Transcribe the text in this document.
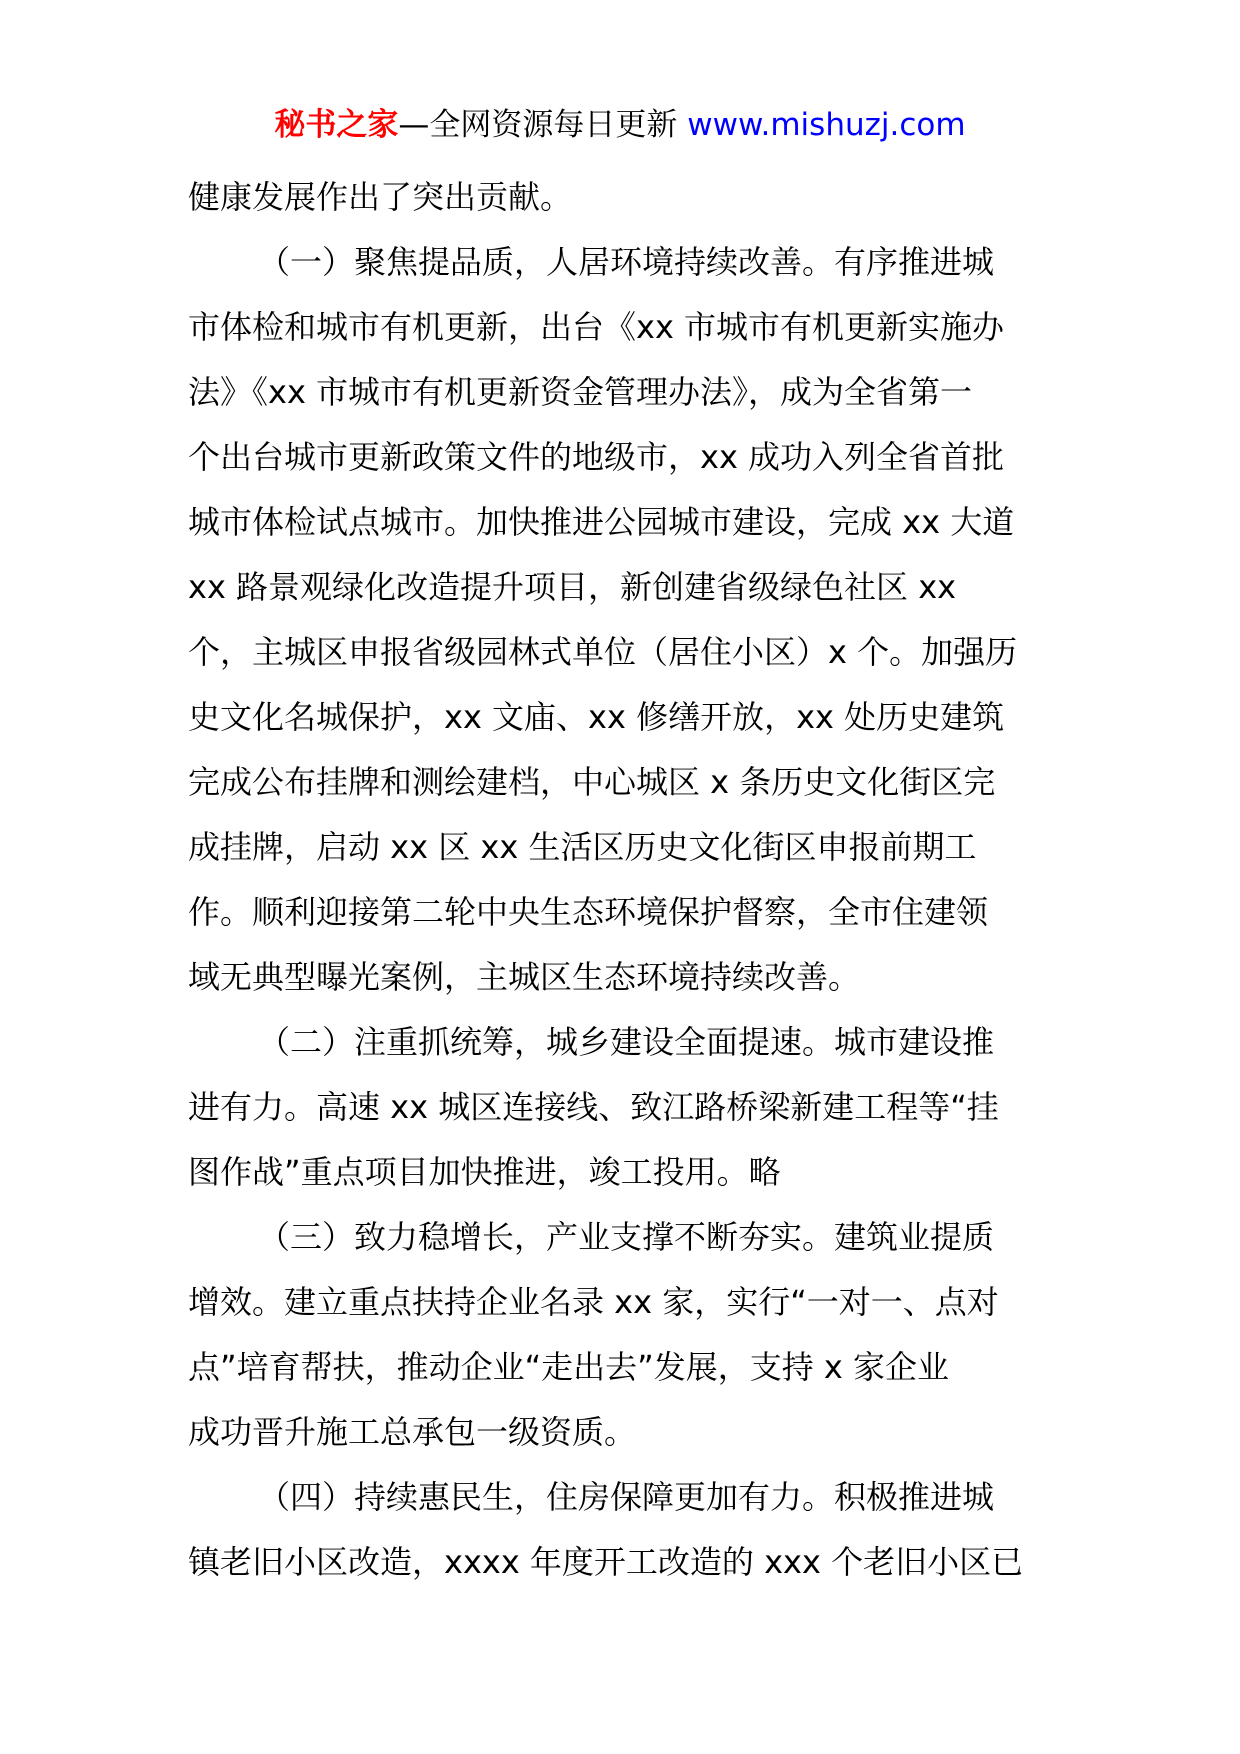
秘书之家—全网资源每日更新 www.mishuzj.com
健康发展作出了突出贡献。
（一）聚焦提品质，人居环境持续改善。有序推进城
市体检和城市有机更新，出台《xx 市城市有机更新实施办
法》《xx 市城市有机更新资金管理办法》，成为全省第一
个出台城市更新政策文件的地级市，xx 成功入列全省首批
城市体检试点城市。加快推进公园城市建设，完成 xx 大道
xx 路景观绿化改造提升项目，新创建省级绿色社区 xx
个，主城区申报省级园林式单位（居住小区）x 个。加强历
史文化名城保护，xx 文庙、xx 修缮开放，xx 处历史建筑
完成公布挂牌和测绘建档，中心城区 x 条历史文化街区完
成挂牌，启动 xx 区 xx 生活区历史文化街区申报前期工
作。顺利迎接第二轮中央生态环境保护督察，全市住建领
域无典型曝光案例，主城区生态环境持续改善。
（二）注重抓统筹，城乡建设全面提速。城市建设推
进有力。高速 xx 城区连接线、致江路桥梁新建工程等“挂
图作战”重点项目加快推进，竣工投用。略
（三）致力稳增长，产业支撑不断夯实。建筑业提质
增效。建立重点扶持企业名录 xx 家，实行“一对一、点对
点”培育帮扶，推动企业“走出去”发展，支持 x 家企业
成功晋升施工总承包一级资质。
（四）持续惠民生，住房保障更加有力。积极推进城
镇老旧小区改造，xxxx 年度开工改造的 xxx 个老旧小区已
